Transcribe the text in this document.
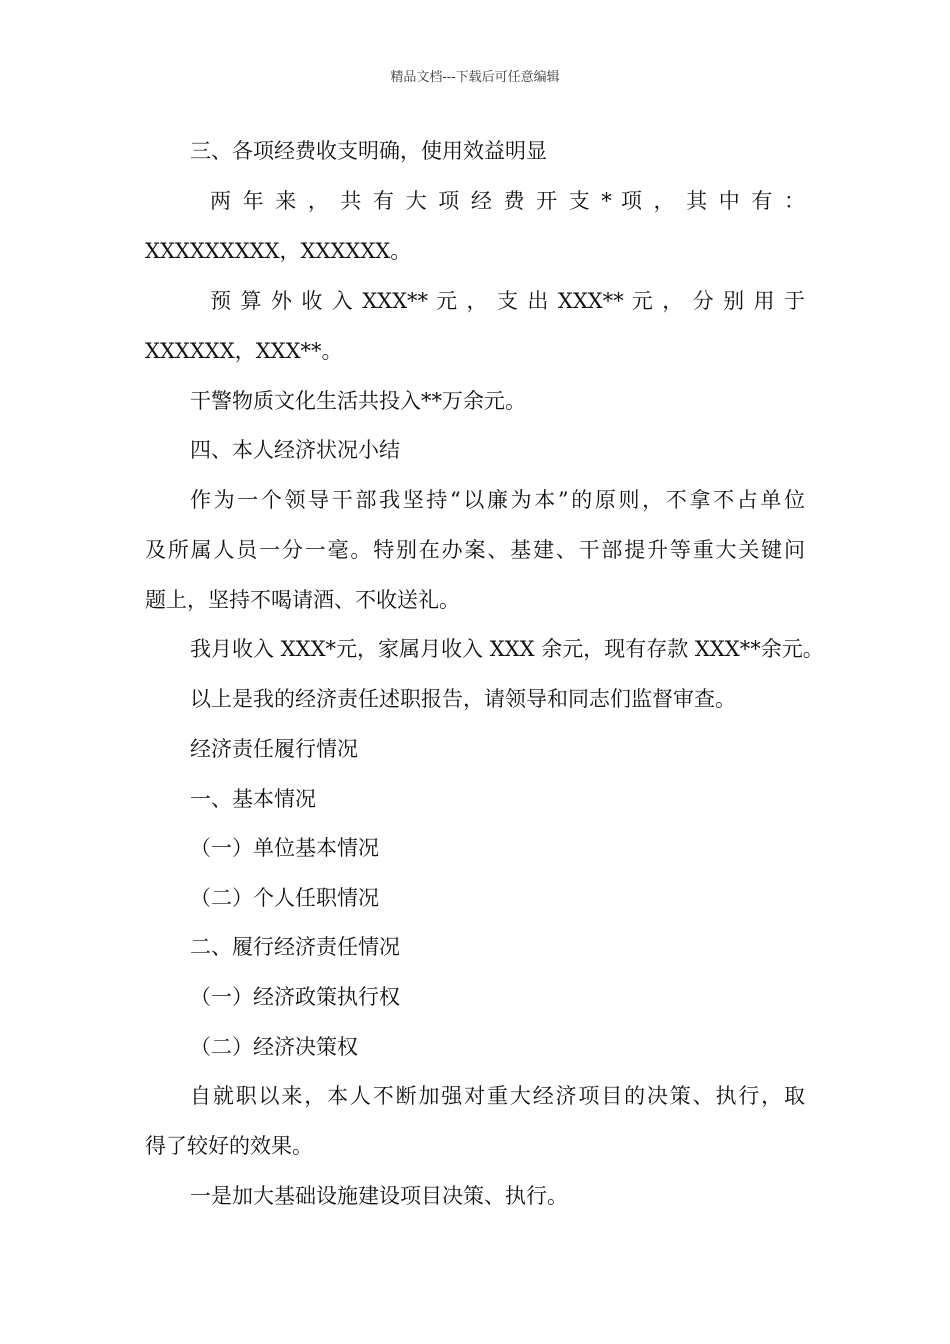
精品文档---下载后可任意编辑
三、各项经费收支明确，使用效益明显
两 年 来 ， 共 有 大 项 经 费 开 支 * 项 ， 其 中 有 ：
XXXXXXXXX，XXXXXX。
预 算 外 收 入 XXX** 元 ， 支 出 XXX** 元 ， 分 别 用 于
XXXXXX，XXX**。
干警物质文化生活共投入**万余元。
四、本人经济状况小结
作为一个领导干部我坚持“以廉为本”的原则，不拿不占单位
及所属人员一分一毫。特别在办案、基建、干部提升等重大关键问
题上，坚持不喝请酒、不收送礼。
我月收入 XXX*元，家属月收入 XXX 余元，现有存款 XXX**余元。
以上是我的经济责任述职报告，请领导和同志们监督审查。
经济责任履行情况
一、基本情况
（一）单位基本情况
（二）个人任职情况
二、履行经济责任情况
（一）经济政策执行权
（二）经济决策权
自就职以来，本人不断加强对重大经济项目的决策、执行，取
得了较好的效果。
一是加大基础设施建设项目决策、执行。
